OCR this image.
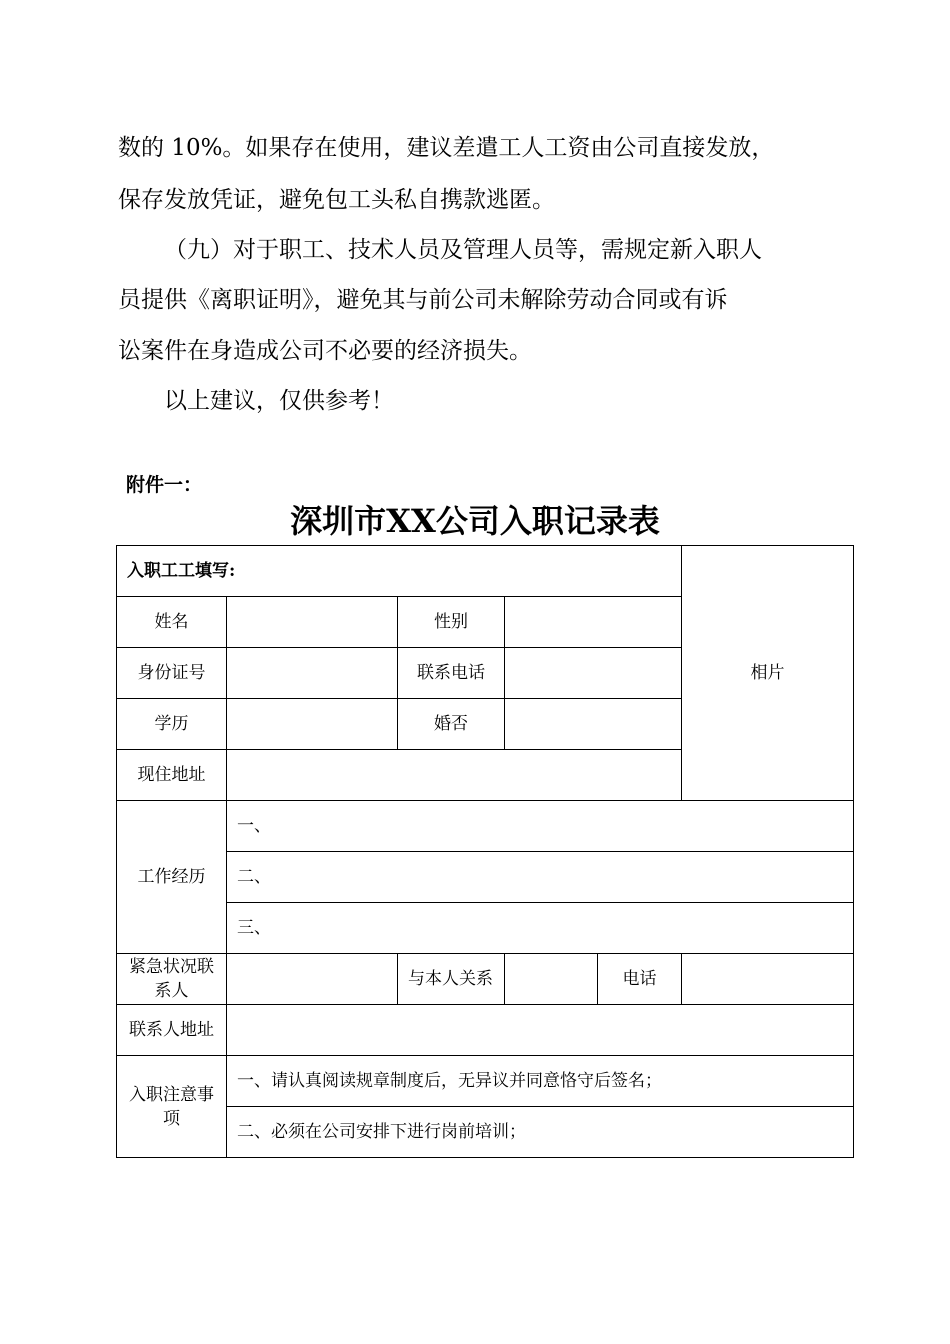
数的 10%。如果存在使用，建议差遣工人工资由公司直接发放，

保存发放凭证，避免包工头私自携款逃匿。

（九）对于职工、技术人员及管理人员等，需规定新入职人

员提供《离职证明》，避免其与前公司未解除劳动合同或有诉

讼案件在身造成公司不必要的经济损失。

以上建议，仅供参考！

附件一：

深圳市XX公司入职记录表
入职工工填写:					相片
姓名		性别			
身份证号		联系电话			
学历		婚否			
现住地址					
工作经历	一、				
	二、				
	三、				
紧急状况联系人		与本人关系		电话	
联系人地址					
入职注意事项	一、请认真阅读规章制度后，无异议并同意恪守后签名；				
	二、必须在公司安排下进行岗前培训；				
